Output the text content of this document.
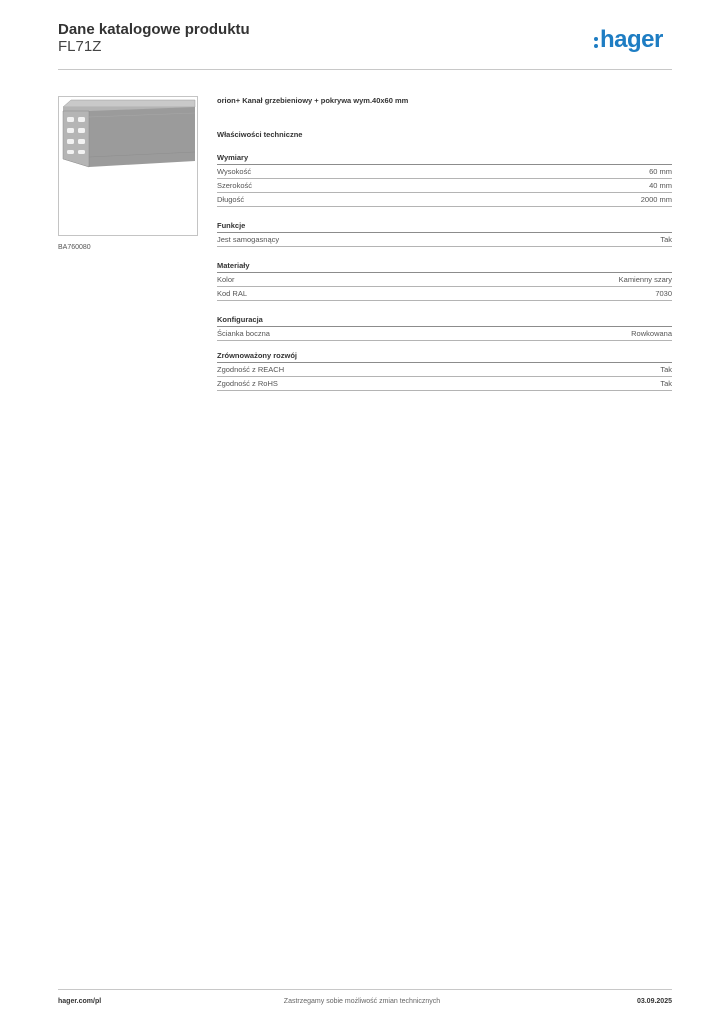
Dane katalogowe produktu
FL71Z	hager
BA760080
orion+ Kanał grzebieniowy + pokrywa wym.40x60 mm
Właściwości techniczne
Wymiary
Wysokość	60 mm
Szerokość	40 mm
Długość	2000 mm
Funkcje
Jest samogasnący	Tak
Materiały
Kolor	Kamienny szary
Kod RAL	7030
Konfiguracja
Ścianka boczna	Rowkowana
Zrównoważony rozwój
Zgodność z REACH	Tak
Zgodność z RoHS	Tak
hager.com/pl	Zastrzegamy sobie możliwość zmian technicznych	03.09.2025
